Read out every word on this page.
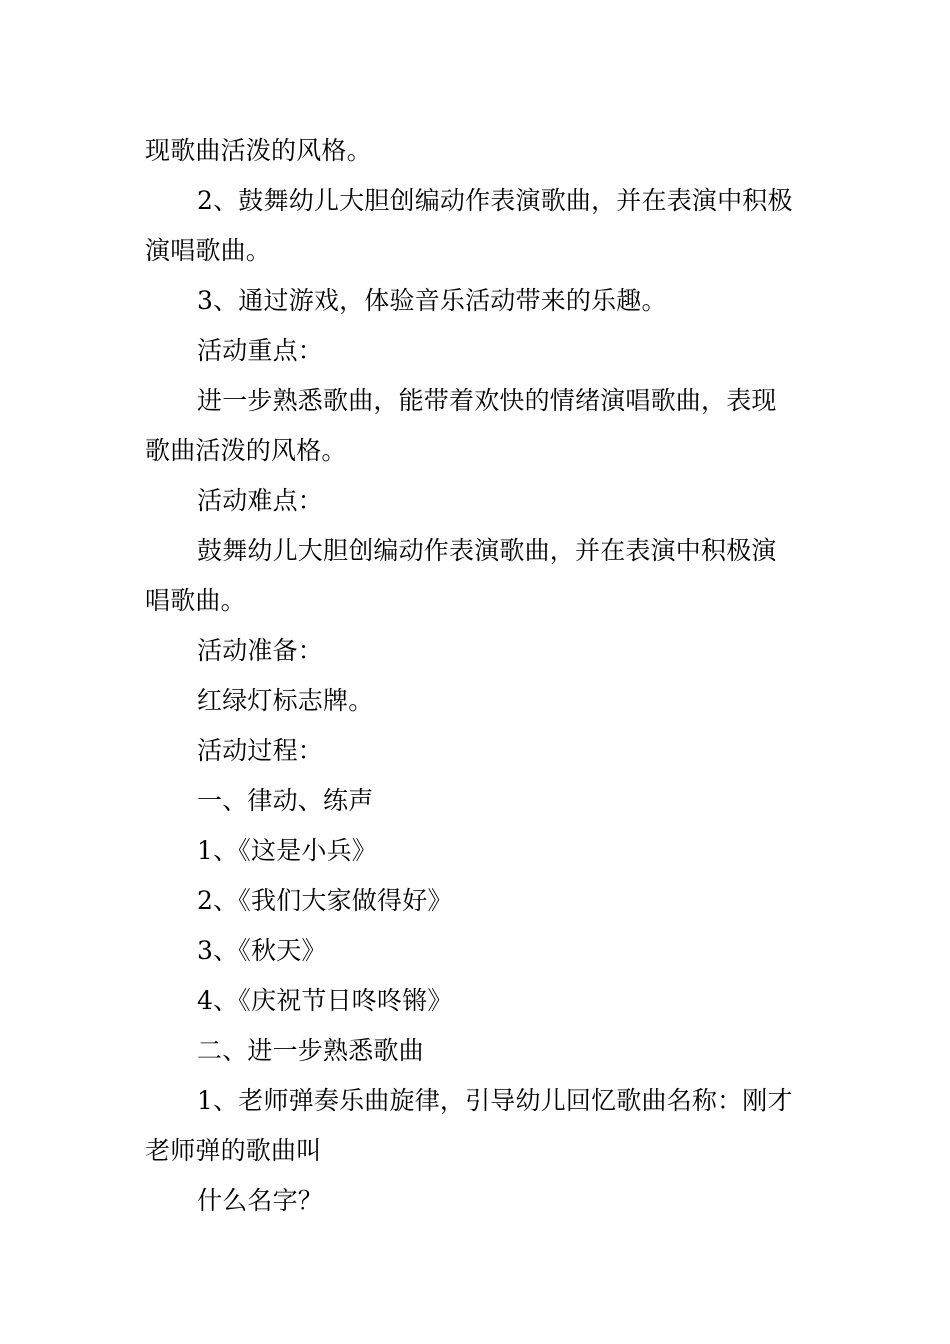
现歌曲活泼的风格。

2、鼓舞幼儿大胆创编动作表演歌曲，并在表演中积极

演唱歌曲。

3、通过游戏，体验音乐活动带来的乐趣。

活动重点：

进一步熟悉歌曲，能带着欢快的情绪演唱歌曲，表现

歌曲活泼的风格。

活动难点：

鼓舞幼儿大胆创编动作表演歌曲，并在表演中积极演

唱歌曲。

活动准备：

红绿灯标志牌。

活动过程：

一、律动、练声

1、《这是小兵》

2、《我们大家做得好》

3、《秋天》

4、《庆祝节日咚咚锵》

二、进一步熟悉歌曲

1、老师弹奏乐曲旋律，引导幼儿回忆歌曲名称：刚才

老师弹的歌曲叫

什么名字？
